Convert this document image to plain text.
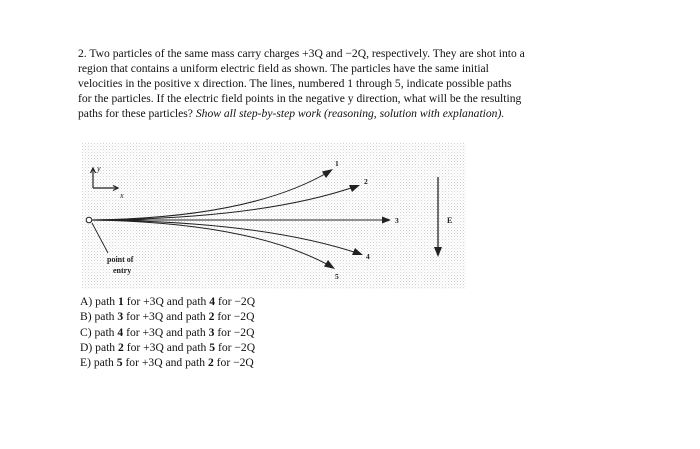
2. Two particles of the same mass carry charges +3Q and −2Q, respectively. They are shot into a
region that contains a uniform electric field as shown. The particles have the same initial
velocities in the positive x direction. The lines, numbered 1 through 5, indicate possible paths
for the particles. If the electric field points in the negative y direction, what will be the resulting
paths for these particles? Show all step-by-step work (reasoning, solution with explanation).
y
x
1
2
3
4
5
point of
entry
E
A) path 1 for +3Q and path 4 for −2Q
B) path 3 for +3Q and path 2 for −2Q
C) path 4 for +3Q and path 3 for −2Q
D) path 2 for +3Q and path 5 for −2Q
E) path 5 for +3Q and path 2 for −2Q
